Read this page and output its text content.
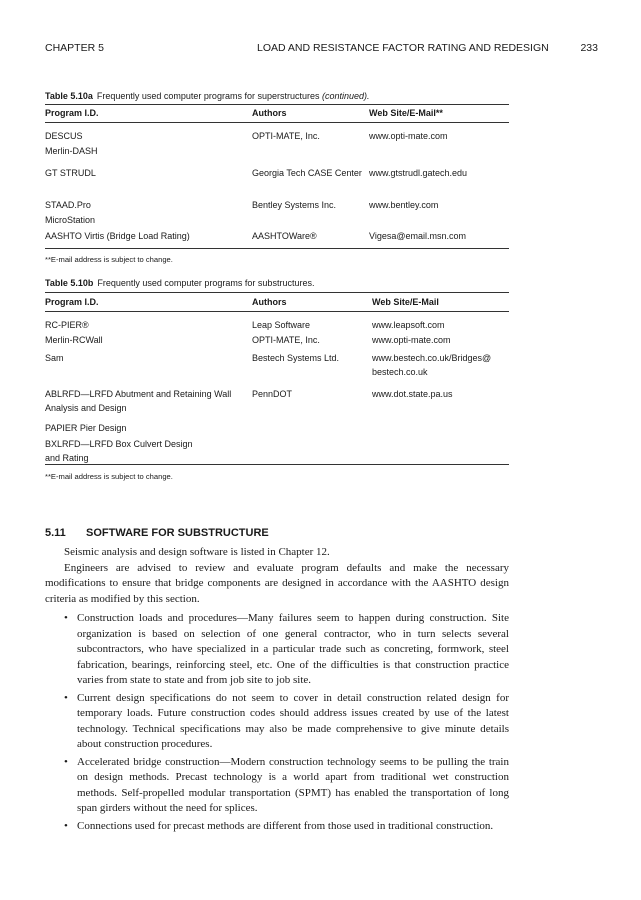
CHAPTER 5	LOAD AND RESISTANCE FACTOR RATING AND REDESIGN	233
Table 5.10a Frequently used computer programs for superstructures (continued).
Program I.D.	Authors	Web Site/E-Mail**
DESCUS	OPTI-MATE, Inc.	www.opti-mate.com
Merlin-DASH		
GT STRUDL	Georgia Tech CASE Center	www.gtstrudl.gatech.edu
STAAD.Pro	Bentley Systems Inc.	www.bentley.com
MicroStation		
AASHTO Virtis (Bridge Load Rating)	AASHTOWare®	Vigesa@email.msn.com
**E-mail address is subject to change.
Table 5.10b Frequently used computer programs for substructures.
Program I.D.	Authors	Web Site/E-Mail
RC-PIER®	Leap Software	www.leapsoft.com
Merlin-RCWall	OPTI-MATE, Inc.	www.opti-mate.com
Sam	Bestech Systems Ltd.	www.bestech.co.uk/Bridges@
bestech.co.uk
ABLRFD—LRFD Abutment and Retaining Wall
Analysis and Design	PennDOT	www.dot.state.pa.us
PAPIER Pier Design		
BXLRFD—LRFD Box Culvert Design
and Rating		
**E-mail address is subject to change.
5.11 SOFTWARE FOR SUBSTRUCTURE

Seismic analysis and design software is listed in Chapter 12.

Engineers are advised to review and evaluate program defaults and make the necessary modifications to ensure that bridge components are designed in accordance with the AASHTO design criteria as modified by this section.

• Construction loads and procedures—Many failures seem to happen during construction. Site organization is based on selection of one general contractor, who in turn selects several subcontractors, who have specialized in a particular trade such as concreting, formwork, steel fabrication, bearings, reinforcing steel, etc. One of the difficulties is that construction practice varies from state to state and from job site to job site.
• Current design specifications do not seem to cover in detail construction related design for temporary loads. Future construction codes should address issues created by use of the latest technology. Technical specifications may also be made comprehensive to give minute details about construction procedures.
• Accelerated bridge construction—Modern construction technology seems to be pulling the train on design methods. Precast technology is a world apart from traditional wet construction methods. Self-propelled modular transportation (SPMT) has enabled the transportation of long span girders without the need for splices.
• Connections used for precast methods are different from those used in traditional construction.
